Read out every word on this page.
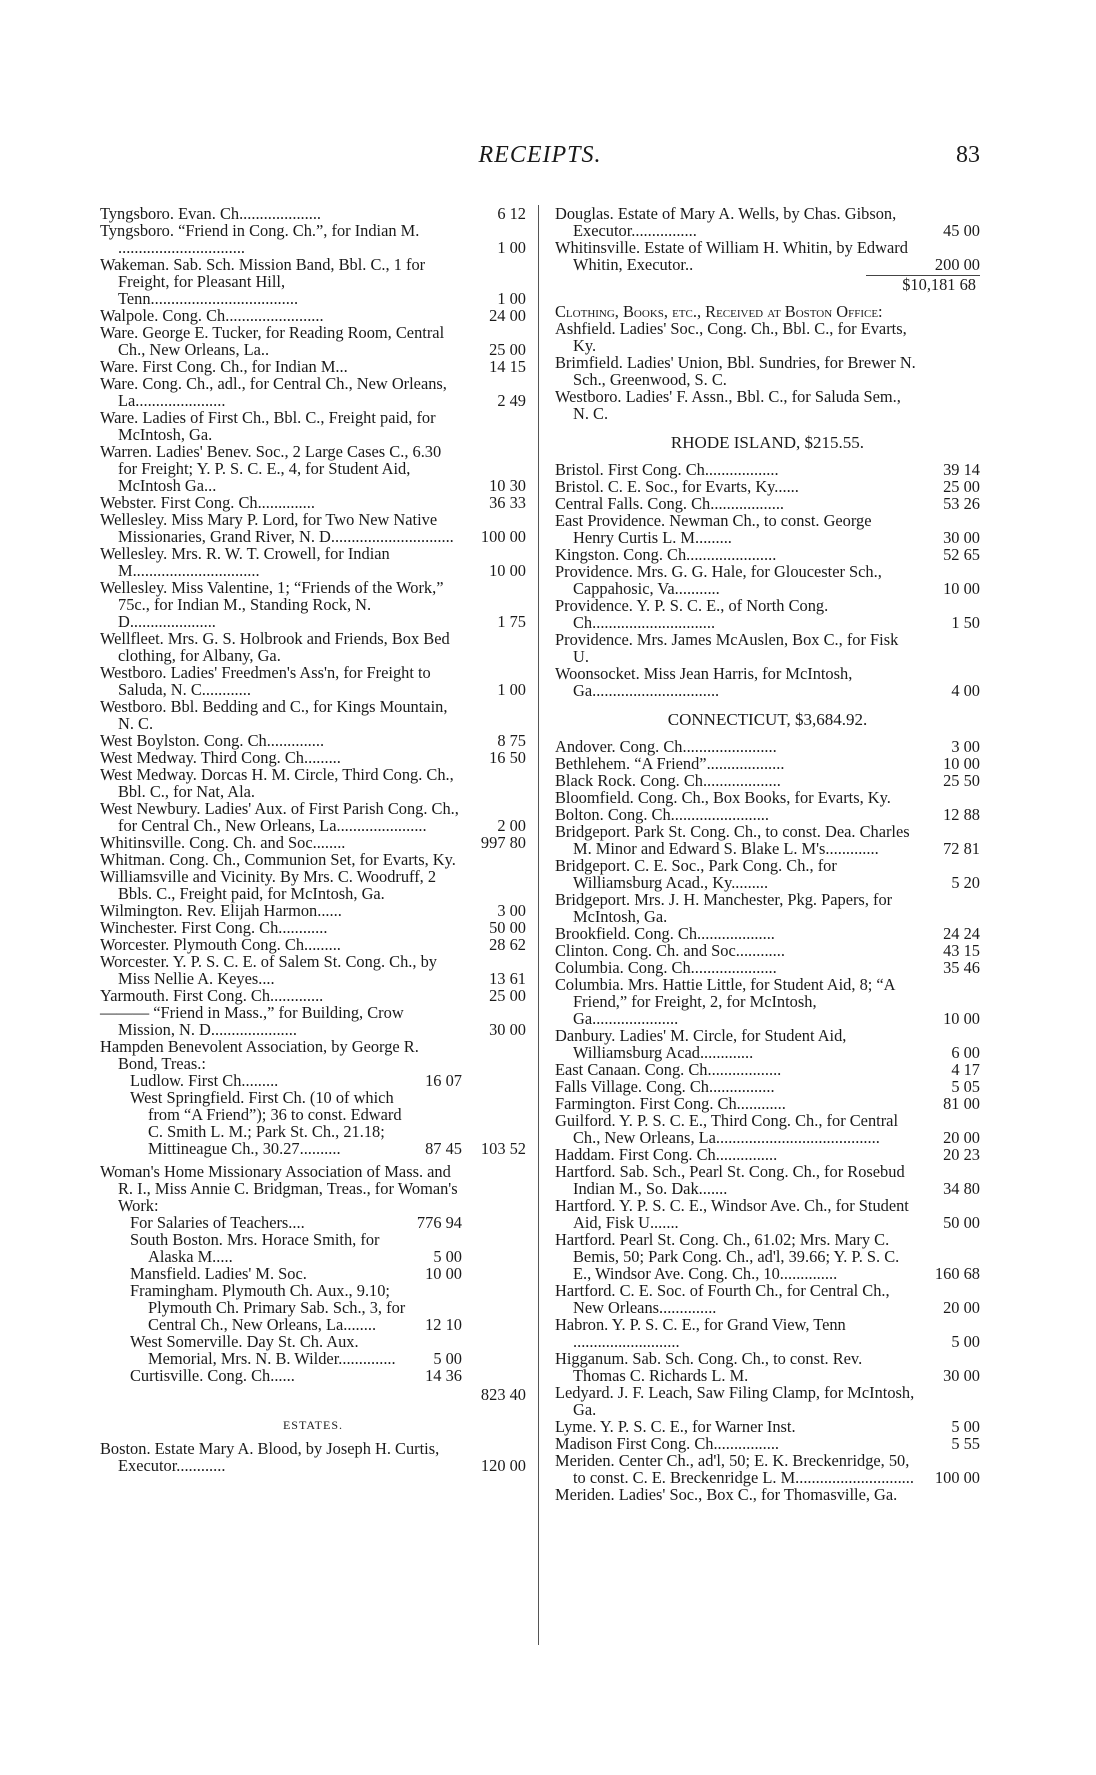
RECEIPTS.	83
Tyngsboro. Evan. Ch....................	6 12
Tyngsboro. “Friend in Cong. Ch.”, for Indian M. ...............................	1 00
Wakeman. Sab. Sch. Mission Band, Bbl. C., 1 for Freight, for Pleasant Hill, Tenn....................................	1 00
Walpole. Cong. Ch........................	24 00
Ware. George E. Tucker, for Reading Room, Central Ch., New Orleans, La..	25 00
Ware. First Cong. Ch., for Indian M...	14 15
Ware. Cong. Ch., adl., for Central Ch., New Orleans, La......................	2 49
Ware. Ladies of First Ch., Bbl. C., Freight paid, for McIntosh, Ga.
Warren. Ladies' Benev. Soc., 2 Large Cases C., 6.30 for Freight; Y. P. S. C. E., 4, for Student Aid, McIntosh Ga...	10 30
Webster. First Cong. Ch..............	36 33
Wellesley. Miss Mary P. Lord, for Two New Native Missionaries, Grand River, N. D..............................	100 00
Wellesley. Mrs. R. W. T. Crowell, for Indian M...............................	10 00
Wellesley. Miss Valentine, 1; “Friends of the Work,” 75c., for Indian M., Standing Rock, N. D.....................	1 75
Wellfleet. Mrs. G. S. Holbrook and Friends, Box Bed clothing, for Albany, Ga.
Westboro. Ladies' Freedmen's Ass'n, for Freight to Saluda, N. C............	1 00
Westboro. Bbl. Bedding and C., for Kings Mountain, N. C.
West Boylston. Cong. Ch..............	8 75
West Medway. Third Cong. Ch.........	16 50
West Medway. Dorcas H. M. Circle, Third Cong. Ch., Bbl. C., for Nat, Ala.
West Newbury. Ladies' Aux. of First Parish Cong. Ch., for Central Ch., New Orleans, La......................	2 00
Whitinsville. Cong. Ch. and Soc........	997 80
Whitman. Cong. Ch., Communion Set, for Evarts, Ky.
Williamsville and Vicinity. By Mrs. C. Woodruff, 2 Bbls. C., Freight paid, for McIntosh, Ga.
Wilmington. Rev. Elijah Harmon......	3 00
Winchester. First Cong. Ch............	50 00
Worcester. Plymouth Cong. Ch.........	28 62
Worcester. Y. P. S. C. E. of Salem St. Cong. Ch., by Miss Nellie A. Keyes....	13 61
Yarmouth. First Cong. Ch.............	25 00
——— “Friend in Mass.,” for Building, Crow Mission, N. D.....................	30 00
Hampden Benevolent Association, by George R. Bond, Treas.:
Ludlow. First Ch.........	16 07
West Springfield. First Ch. (10 of which from “A Friend”); 36 to const. Edward C. Smith L. M.; Park St. Ch., 21.18; Mittineague Ch., 30.27..........	87 45	103 52
Woman's Home Missionary Association of Mass. and R. I., Miss Annie C. Bridgman, Treas., for Woman's Work:
For Salaries of Teachers....	776 94
South Boston. Mrs. Horace Smith, for Alaska M.....	5 00
Mansfield. Ladies' M. Soc.	10 00
Framingham. Plymouth Ch. Aux., 9.10; Plymouth Ch. Primary Sab. Sch., 3, for Central Ch., New Orleans, La........	12 10
West Somerville. Day St. Ch. Aux. Memorial, Mrs. N. B. Wilder..............	5 00
Curtisville. Cong. Ch......	14 36
823 40
ESTATES.
Boston. Estate Mary A. Blood, by Joseph H. Curtis, Executor............	120 00
Douglas. Estate of Mary A. Wells, by Chas. Gibson, Executor................	45 00
Whitinsville. Estate of William H. Whitin, by Edward Whitin, Executor..	200 00
$10,181 68
Clothing, Books, etc., Received at Boston Office:
Ashfield. Ladies' Soc., Cong. Ch., Bbl. C., for Evarts, Ky.
Brimfield. Ladies' Union, Bbl. Sundries, for Brewer N. Sch., Greenwood, S. C.
Westboro. Ladies' F. Assn., Bbl. C., for Saluda Sem., N. C.
RHODE ISLAND, $215.55.
Bristol. First Cong. Ch..................	39 14
Bristol. C. E. Soc., for Evarts, Ky......	25 00
Central Falls. Cong. Ch..................	53 26
East Providence. Newman Ch., to const. George Henry Curtis L. M.........	30 00
Kingston. Cong. Ch......................	52 65
Providence. Mrs. G. G. Hale, for Gloucester Sch., Cappahosic, Va...........	10 00
Providence. Y. P. S. C. E., of North Cong. Ch..............................	1 50
Providence. Mrs. James McAuslen, Box C., for Fisk U.
Woonsocket. Miss Jean Harris, for McIntosh, Ga...............................	4 00
CONNECTICUT, $3,684.92.
Andover. Cong. Ch.......................	3 00
Bethlehem. “A Friend”...................	10 00
Black Rock. Cong. Ch...................	25 50
Bloomfield. Cong. Ch., Box Books, for Evarts, Ky.
Bolton. Cong. Ch........................	12 88
Bridgeport. Park St. Cong. Ch., to const. Dea. Charles M. Minor and Edward S. Blake L. M's.............	72 81
Bridgeport. C. E. Soc., Park Cong. Ch., for Williamsburg Acad., Ky.........	5 20
Bridgeport. Mrs. J. H. Manchester, Pkg. Papers, for McIntosh, Ga.
Brookfield. Cong. Ch...................	24 24
Clinton. Cong. Ch. and Soc............	43 15
Columbia. Cong. Ch.....................	35 46
Columbia. Mrs. Hattie Little, for Student Aid, 8; “A Friend,” for Freight, 2, for McIntosh, Ga.....................	10 00
Danbury. Ladies' M. Circle, for Student Aid, Williamsburg Acad.............	6 00
East Canaan. Cong. Ch..................	4 17
Falls Village. Cong. Ch................	5 05
Farmington. First Cong. Ch............	81 00
Guilford. Y. P. S. C. E., Third Cong. Ch., for Central Ch., New Orleans, La........................................	20 00
Haddam. First Cong. Ch...............	20 23
Hartford. Sab. Sch., Pearl St. Cong. Ch., for Rosebud Indian M., So. Dak.......	34 80
Hartford. Y. P. S. C. E., Windsor Ave. Ch., for Student Aid, Fisk U.......	50 00
Hartford. Pearl St. Cong. Ch., 61.02; Mrs. Mary C. Bemis, 50; Park Cong. Ch., ad'l, 39.66; Y. P. S. C. E., Windsor Ave. Cong. Ch., 10..............	160 68
Hartford. C. E. Soc. of Fourth Ch., for Central Ch., New Orleans..............	20 00
Habron. Y. P. S. C. E., for Grand View, Tenn ..........................	5 00
Higganum. Sab. Sch. Cong. Ch., to const. Rev. Thomas C. Richards L. M.	30 00
Ledyard. J. F. Leach, Saw Filing Clamp, for McIntosh, Ga.
Lyme. Y. P. S. C. E., for Warner Inst.	5 00
Madison First Cong. Ch................	5 55
Meriden. Center Ch., ad'l, 50; E. K. Breckenridge, 50, to const. C. E. Breckenridge L. M.............................	100 00
Meriden. Ladies' Soc., Box C., for Thomasville, Ga.
